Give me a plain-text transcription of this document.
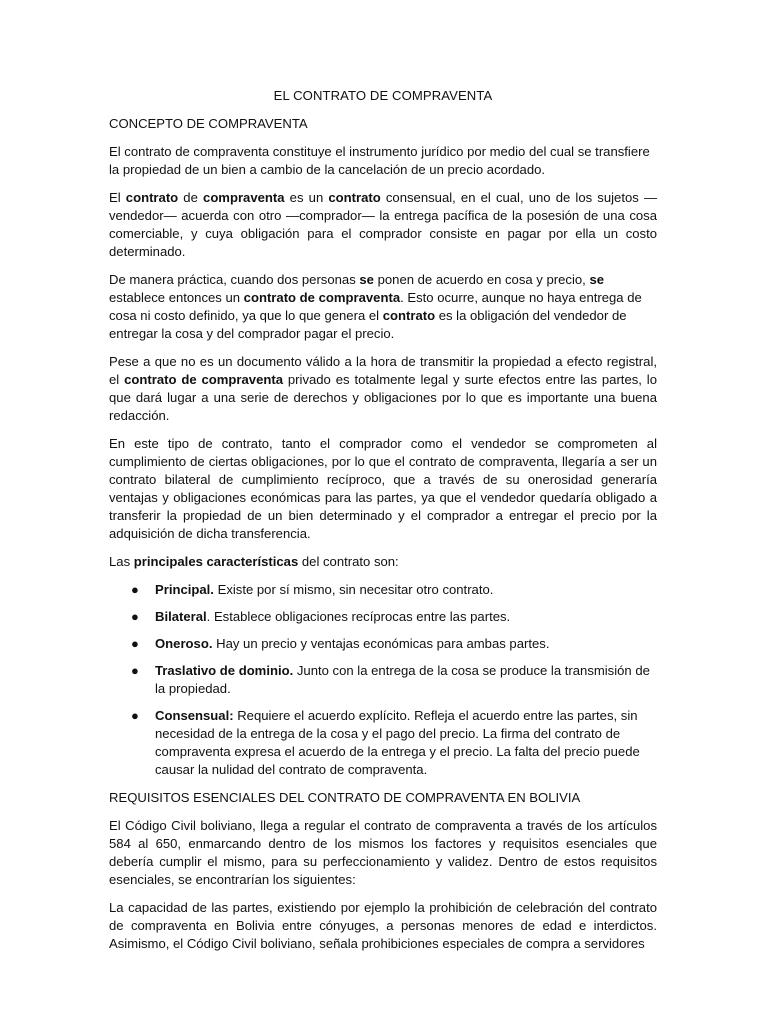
EL CONTRATO DE COMPRAVENTA
CONCEPTO DE COMPRAVENTA

El contrato de compraventa constituye el instrumento jurídico por medio del cual se transfiere la propiedad de un bien a cambio de la cancelación de un precio acordado.

El contrato de compraventa es un contrato consensual, en el cual, uno de los sujetos —vendedor— acuerda con otro —comprador— la entrega pacífica de la posesión de una cosa comerciable, y cuya obligación para el comprador consiste en pagar por ella un costo determinado.

De manera práctica, cuando dos personas se ponen de acuerdo en cosa y precio, se establece entonces un contrato de compraventa. Esto ocurre, aunque no haya entrega de cosa ni costo definido, ya que lo que genera el contrato es la obligación del vendedor de entregar la cosa y del comprador pagar el precio.

Pese a que no es un documento válido a la hora de transmitir la propiedad a efecto registral, el contrato de compraventa privado es totalmente legal y surte efectos entre las partes, lo que dará lugar a una serie de derechos y obligaciones por lo que es importante una buena redacción.

En este tipo de contrato, tanto el comprador como el vendedor se comprometen al cumplimiento de ciertas obligaciones, por lo que el contrato de compraventa, llegaría a ser un contrato bilateral de cumplimiento recíproco, que a través de su onerosidad generaría ventajas y obligaciones económicas para las partes, ya que el vendedor quedaría obligado a transferir la propiedad de un bien determinado y el comprador a entregar el precio por la adquisición de dicha transferencia.

Las principales características del contrato son:

● Principal. Existe por sí mismo, sin necesitar otro contrato.
● Bilateral. Establece obligaciones recíprocas entre las partes.
● Oneroso. Hay un precio y ventajas económicas para ambas partes.
● Traslativo de dominio. Junto con la entrega de la cosa se produce la transmisión de la propiedad.
● Consensual: Requiere el acuerdo explícito. Refleja el acuerdo entre las partes, sin necesidad de la entrega de la cosa y el pago del precio. La firma del contrato de compraventa expresa el acuerdo de la entrega y el precio. La falta del precio puede causar la nulidad del contrato de compraventa.
REQUISITOS ESENCIALES DEL CONTRATO DE COMPRAVENTA EN BOLIVIA

El Código Civil boliviano, llega a regular el contrato de compraventa a través de los artículos 584 al 650, enmarcando dentro de los mismos los factores y requisitos esenciales que debería cumplir el mismo, para su perfeccionamiento y validez. Dentro de estos requisitos esenciales, se encontrarían los siguientes:

La capacidad de las partes, existiendo por ejemplo la prohibición de celebración del contrato de compraventa en Bolivia entre cónyuges, a personas menores de edad e interdictos. Asimismo, el Código Civil boliviano, señala prohibiciones especiales de compra a servidores
